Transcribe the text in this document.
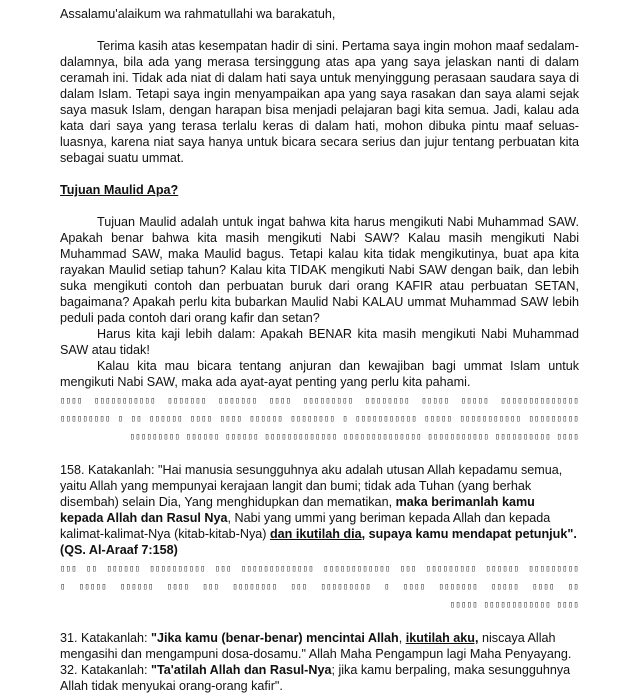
Assalamu'alaikum wa rahmatullahi wa barakatuh,

Terima kasih atas kesempatan hadir di sini. Pertama saya ingin mohon maaf sedalam-dalamnya, bila ada yang merasa tersinggung atas apa yang saya jelaskan nanti di dalam ceramah ini. Tidak ada niat di dalam hati saya untuk menyinggung perasaan saudara saya di dalam Islam. Tetapi saya ingin menyampaikan apa yang saya rasakan dan saya alami sejak saya masuk Islam, dengan harapan bisa menjadi pelajaran bagi kita semua. Jadi, kalau ada kata dari saya yang terasa terlalu keras di dalam hati, mohon dibuka pintu maaf seluas-luasnya, karena niat saya hanya untuk bicara secara serius dan jujur tentang perbuatan kita sebagai suatu ummat.

Tujuan Maulid Apa?

Tujuan Maulid adalah untuk ingat bahwa kita harus mengikuti Nabi Muhammad SAW. Apakah benar bahwa kita masih mengikuti Nabi SAW? Kalau masih mengikuti Nabi Muhammad SAW, maka Maulid bagus. Tetapi kalau kita tidak mengikutinya, buat apa kita rayakan Maulid setiap tahun? Kalau kita TIDAK mengikuti Nabi SAW dengan baik, dan lebih suka mengikuti contoh dan perbuatan buruk dari orang KAFIR atau perbuatan SETAN, bagaimana? Apakah perlu kita bubarkan Maulid Nabi KALAU ummat Muhammad SAW lebih peduli pada contoh dari orang kafir dan setan?

Harus kita kaji lebih dalam: Apakah BENAR kita masih mengikuti Nabi Muhammad SAW atau tidak!

Kalau kita mau bicara tentang anjuran dan kewajiban bagi ummat Islam untuk mengikuti Nabi SAW, maka ada ayat-ayat penting yang perlu kita pahami.

▯▯▯▯ ▯▯▯▯▯▯▯▯▯▯▯ ▯▯▯▯▯▯▯ ▯▯▯▯▯▯▯ ▯▯▯▯ ▯▯▯▯▯▯▯▯▯ ▯▯▯▯▯▯▯▯ ▯▯▯▯▯ ▯▯▯▯▯ ▯▯▯▯▯▯▯▯▯▯▯▯▯▯
▯▯▯▯▯▯▯▯▯ ▯ ▯▯ ▯▯▯▯▯▯ ▯▯▯▯ ▯▯▯▯ ▯▯▯▯▯▯ ▯▯▯▯▯▯▯▯ ▯ ▯▯▯▯▯▯▯▯▯▯▯ ▯▯▯▯▯ ▯▯▯▯▯▯▯▯▯▯▯ ▯▯▯▯▯▯▯▯▯
▯▯▯▯▯▯▯▯▯ ▯▯▯▯▯▯ ▯▯▯▯▯▯ ▯▯▯▯▯▯▯▯▯▯▯▯▯ ▯▯▯▯▯▯▯▯▯▯▯▯▯▯ ▯▯▯▯▯▯▯▯▯▯▯ ▯▯▯▯▯▯▯▯▯▯ ▯▯▯▯

158. Katakanlah: "Hai manusia sesungguhnya aku adalah utusan Allah kepadamu semua, yaitu Allah yang mempunyai kerajaan langit dan bumi; tidak ada Tuhan (yang berhak disembah) selain Dia, Yang menghidupkan dan mematikan, maka berimanlah kamu kepada Allah dan Rasul Nya, Nabi yang ummi yang beriman kepada Allah dan kepada kalimat-kalimat-Nya (kitab-kitab-Nya) dan ikutilah dia, supaya kamu mendapat petunjuk". (QS. Al-Araaf 7:158)

▯▯▯ ▯▯ ▯▯▯▯▯▯ ▯▯▯▯▯▯▯▯▯▯ ▯▯▯ ▯▯▯▯▯▯▯▯▯▯▯▯▯ ▯▯▯▯▯▯▯▯▯▯▯▯ ▯▯▯ ▯▯▯▯▯▯▯▯▯ ▯▯▯▯▯▯ ▯▯▯▯▯▯▯▯▯
▯ ▯▯▯▯▯ ▯▯▯▯▯▯ ▯▯▯▯ ▯▯▯ ▯▯▯▯▯▯▯▯ ▯▯▯ ▯▯▯▯▯▯▯▯▯ ▯ ▯▯▯▯ ▯▯▯▯▯▯▯ ▯▯▯▯▯ ▯▯▯▯ ▯▯
▯▯▯▯▯ ▯▯▯▯▯▯▯▯▯▯▯▯ ▯▯▯▯

31. Katakanlah: "Jika kamu (benar-benar) mencintai Allah, ikutilah aku, niscaya Allah mengasihi dan mengampuni dosa-dosamu." Allah Maha Pengampun lagi Maha Penyayang.

32. Katakanlah: "Ta'atilah Allah dan Rasul-Nya; jika kamu berpaling, maka sesungguhnya Allah tidak menyukai orang-orang kafir".
